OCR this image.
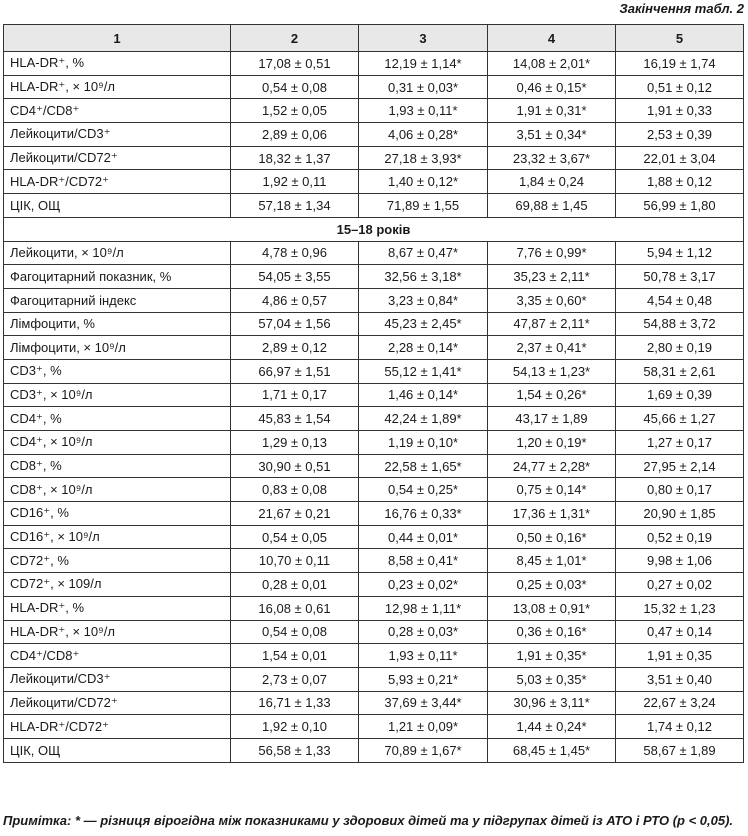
Закінчення табл. 2
1	2	3	4	5
HLA-DR⁺, %	17,08 ± 0,51	12,19 ± 1,14*	14,08 ± 2,01*	16,19 ± 1,74
HLA-DR⁺, × 10⁹/л	0,54 ± 0,08	0,31 ± 0,03*	0,46 ± 0,15*	0,51 ± 0,12
CD4⁺/CD8⁺	1,52 ± 0,05	1,93 ± 0,11*	1,91 ± 0,31*	1,91 ± 0,33
Лейкоцити/CD3⁺	2,89 ± 0,06	4,06 ± 0,28*	3,51 ± 0,34*	2,53 ± 0,39
Лейкоцити/CD72⁺	18,32 ± 1,37	27,18 ± 3,93*	23,32 ± 3,67*	22,01 ± 3,04
HLA-DR⁺/CD72⁺	1,92 ± 0,11	1,40 ± 0,12*	1,84 ± 0,24	1,88 ± 0,12
ЦІК, ОЩ	57,18 ± 1,34	71,89 ± 1,55	69,88 ± 1,45	56,99 ± 1,80
15–18 років				
Лейкоцити, × 10⁹/л	4,78 ± 0,96	8,67 ± 0,47*	7,76 ± 0,99*	5,94 ± 1,12
Фагоцитарний показник, %	54,05 ± 3,55	32,56 ± 3,18*	35,23 ± 2,11*	50,78 ± 3,17
Фагоцитарний індекс	4,86 ± 0,57	3,23 ± 0,84*	3,35 ± 0,60*	4,54 ± 0,48
Лімфоцити, %	57,04 ± 1,56	45,23 ± 2,45*	47,87 ± 2,11*	54,88 ± 3,72
Лімфоцити, × 10⁹/л	2,89 ± 0,12	2,28 ± 0,14*	2,37 ± 0,41*	2,80 ± 0,19
CD3⁺, %	66,97 ± 1,51	55,12 ± 1,41*	54,13 ± 1,23*	58,31 ± 2,61
CD3⁺, × 10⁹/л	1,71 ± 0,17	1,46 ± 0,14*	1,54 ± 0,26*	1,69 ± 0,39
CD4⁺, %	45,83 ± 1,54	42,24 ± 1,89*	43,17 ± 1,89	45,66 ± 1,27
CD4⁺, × 10⁹/л	1,29 ± 0,13	1,19 ± 0,10*	1,20 ± 0,19*	1,27 ± 0,17
CD8⁺, %	30,90 ± 0,51	22,58 ± 1,65*	24,77 ± 2,28*	27,95 ± 2,14
CD8⁺, × 10⁹/л	0,83 ± 0,08	0,54 ± 0,25*	0,75 ± 0,14*	0,80 ± 0,17
CD16⁺, %	21,67 ± 0,21	16,76 ± 0,33*	17,36 ± 1,31*	20,90 ± 1,85
CD16⁺, × 10⁹/л	0,54 ± 0,05	0,44 ± 0,01*	0,50 ± 0,16*	0,52 ± 0,19
CD72⁺, %	10,70 ± 0,11	8,58 ± 0,41*	8,45 ± 1,01*	9,98 ± 1,06
CD72⁺, × 109/л	0,28 ± 0,01	0,23 ± 0,02*	0,25 ± 0,03*	0,27 ± 0,02
HLA-DR⁺, %	16,08 ± 0,61	12,98 ± 1,11*	13,08 ± 0,91*	15,32 ± 1,23
HLA-DR⁺, × 10⁹/л	0,54 ± 0,08	0,28 ± 0,03*	0,36 ± 0,16*	0,47 ± 0,14
CD4⁺/CD8⁺	1,54 ± 0,01	1,93 ± 0,11*	1,91 ± 0,35*	1,91 ± 0,35
Лейкоцити/CD3⁺	2,73 ± 0,07	5,93 ± 0,21*	5,03 ± 0,35*	3,51 ± 0,40
Лейкоцити/CD72⁺	16,71 ± 1,33	37,69 ± 3,44*	30,96 ± 3,11*	22,67 ± 3,24
HLA-DR⁺/CD72⁺	1,92 ± 0,10	1,21 ± 0,09*	1,44 ± 0,24*	1,74 ± 0,12
ЦІК, ОЩ	56,58 ± 1,33	70,89 ± 1,67*	68,45 ± 1,45*	58,67 ± 1,89
Примітка: * — різниця вірогідна між показниками у здорових дітей та у підгрупах дітей із АТО і РТО (р < 0,05).
